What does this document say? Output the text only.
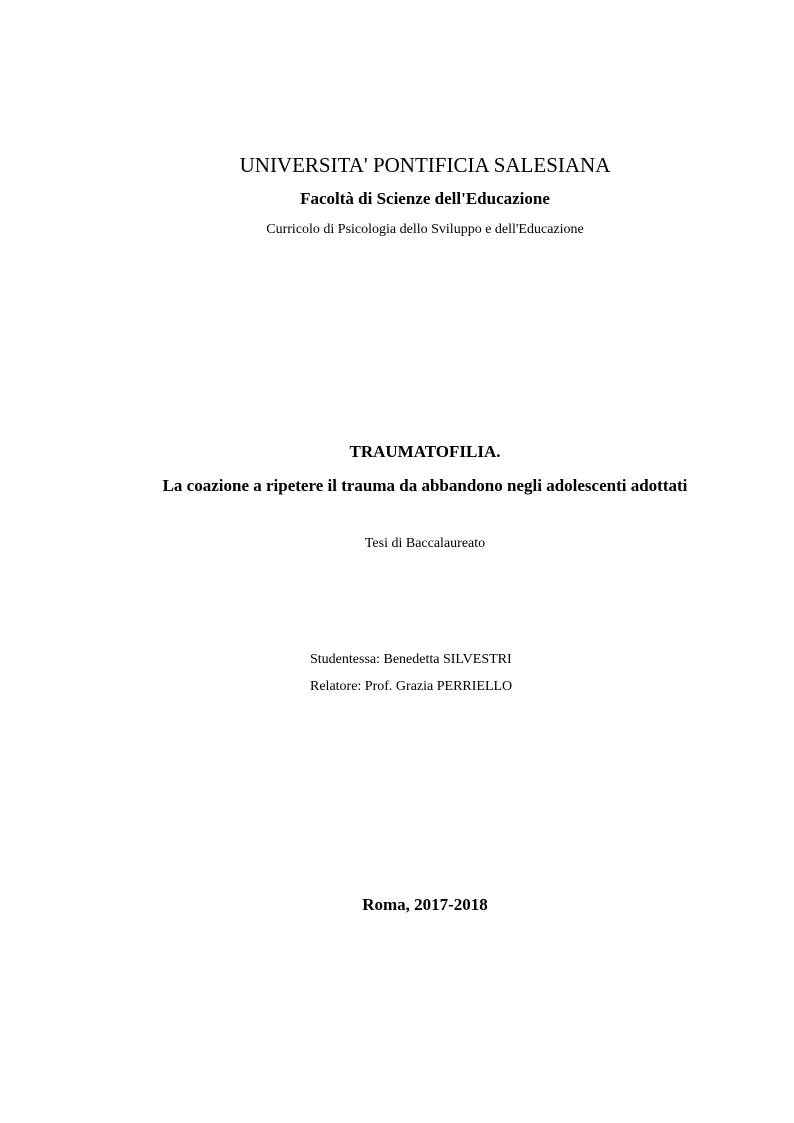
UNIVERSITA' PONTIFICIA SALESIANA
Facoltà di Scienze dell'Educazione
Curricolo di Psicologia dello Sviluppo e dell'Educazione
TRAUMATOFILIA.
La coazione a ripetere il trauma da abbandono negli adolescenti adottati
Tesi di Baccalaureato
Studentessa: Benedetta SILVESTRI
Relatore: Prof. Grazia PERRIELLO
Roma, 2017-2018
